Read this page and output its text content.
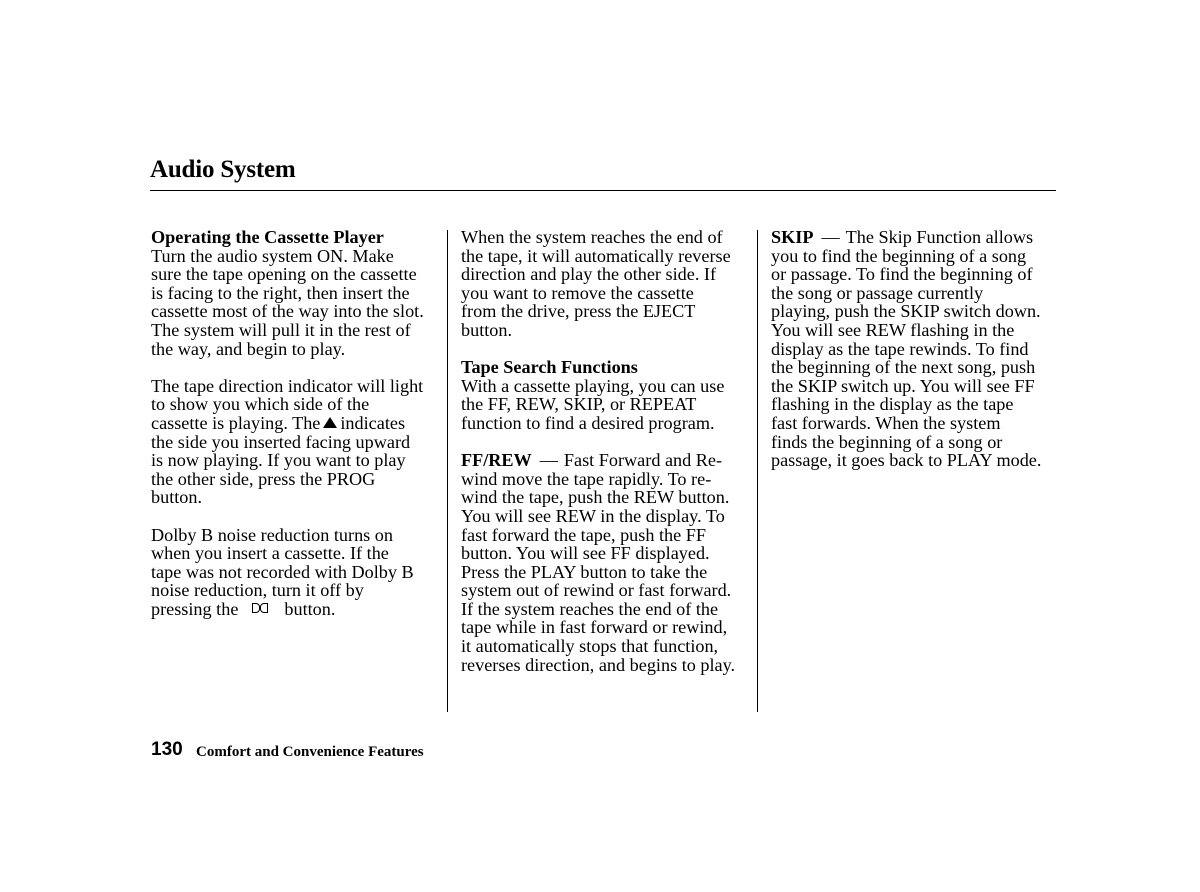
Audio System
Operating the Cassette Player
Turn the audio system ON. Make
sure the tape opening on the cassette
is facing to the right, then insert the
cassette most of the way into the slot.
The system will pull it in the rest of
the way, and begin to play.
The tape direction indicator will light
to show you which side of the
cassette is playing. The indicates
the side you inserted facing upward
is now playing. If you want to play
the other side, press the PROG
button.
Dolby B noise reduction turns on
when you insert a cassette. If the
tape was not recorded with Dolby B
noise reduction, turn it off by
pressing the	button.
When the system reaches the end of
the tape, it will automatically reverse
direction and play the other side. If
you want to remove the cassette
from the drive, press the EJECT
button.
Tape Search Functions
With a cassette playing, you can use
the FF, REW, SKIP, or REPEAT
function to find a desired program.
FF/REW — Fast Forward and Re-
wind move the tape rapidly. To re-
wind the tape, push the REW button.
You will see REW in the display. To
fast forward the tape, push the FF
button. You will see FF displayed.
Press the PLAY button to take the
system out of rewind or fast forward.
If the system reaches the end of the
tape while in fast forward or rewind,
it automatically stops that function,
reverses direction, and begins to play.
SKIP — The Skip Function allows
you to find the beginning of a song
or passage. To find the beginning of
the song or passage currently
playing, push the SKIP switch down.
You will see REW flashing in the
display as the tape rewinds. To find
the beginning of the next song, push
the SKIP switch up. You will see FF
flashing in the display as the tape
fast forwards. When the system
finds the beginning of a song or
passage, it goes back to PLAY mode.
130 Comfort and Convenience Features
